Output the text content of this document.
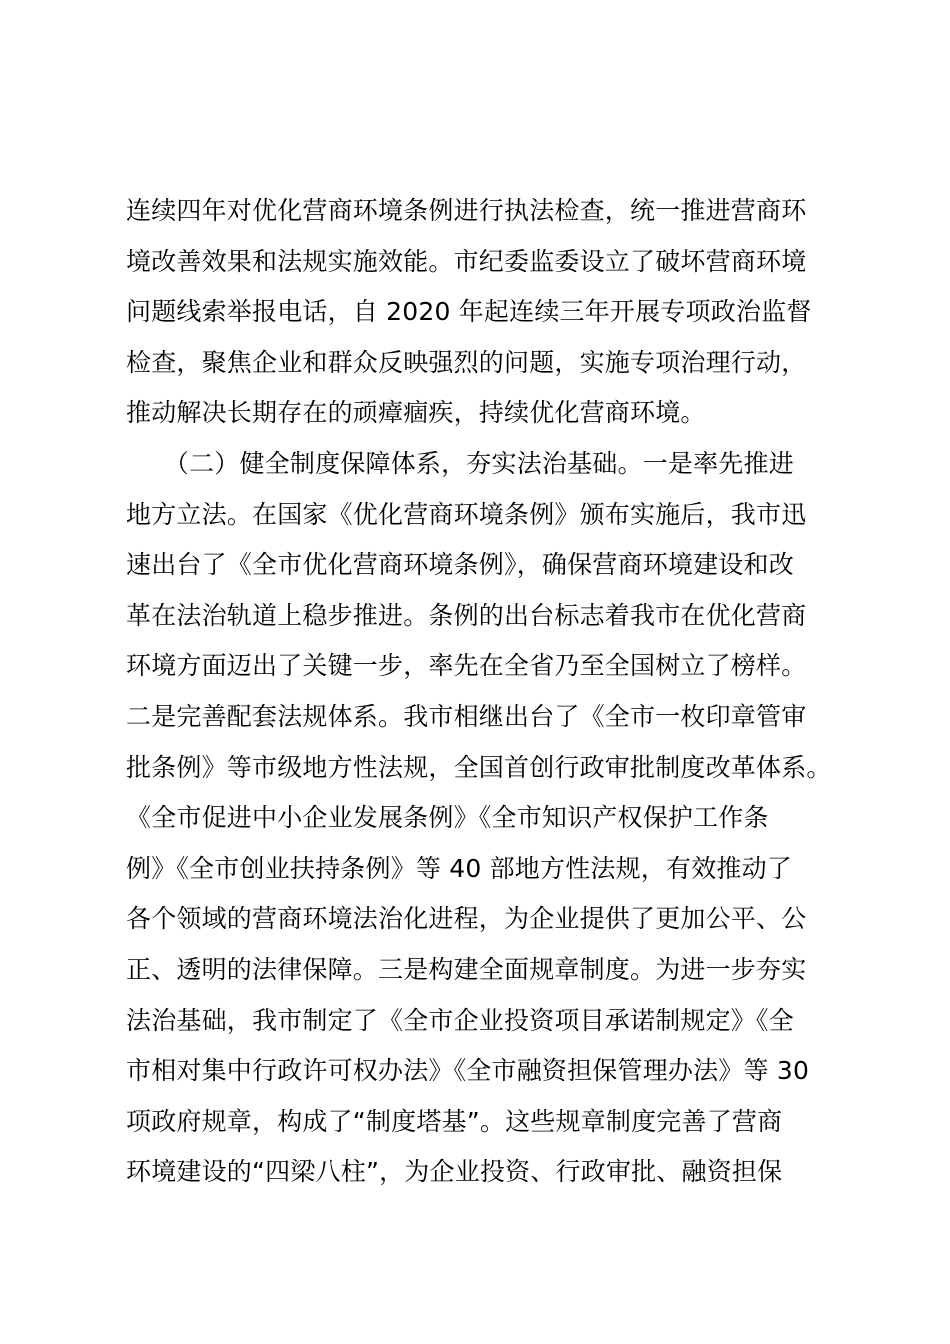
连续四年对优化营商环境条例进行执法检查，统一推进营商环
境改善效果和法规实施效能。市纪委监委设立了破坏营商环境
问题线索举报电话，自 2020 年起连续三年开展专项政治监督
检查，聚焦企业和群众反映强烈的问题，实施专项治理行动，
推动解决长期存在的顽瘴痼疾，持续优化营商环境。
　　（二）健全制度保障体系，夯实法治基础。一是率先推进
地方立法。在国家《优化营商环境条例》颁布实施后，我市迅
速出台了《全市优化营商环境条例》，确保营商环境建设和改
革在法治轨道上稳步推进。条例的出台标志着我市在优化营商
环境方面迈出了关键一步，率先在全省乃至全国树立了榜样。
二是完善配套法规体系。我市相继出台了《全市一枚印章管审
批条例》等市级地方性法规，全国首创行政审批制度改革体系。
《全市促进中小企业发展条例》《全市知识产权保护工作条
例》《全市创业扶持条例》等 40 部地方性法规，有效推动了
各个领域的营商环境法治化进程，为企业提供了更加公平、公
正、透明的法律保障。三是构建全面规章制度。为进一步夯实
法治基础，我市制定了《全市企业投资项目承诺制规定》《全
市相对集中行政许可权办法》《全市融资担保管理办法》等 30
项政府规章，构成了“制度塔基”。这些规章制度完善了营商
环境建设的“四梁八柱”，为企业投资、行政审批、融资担保
